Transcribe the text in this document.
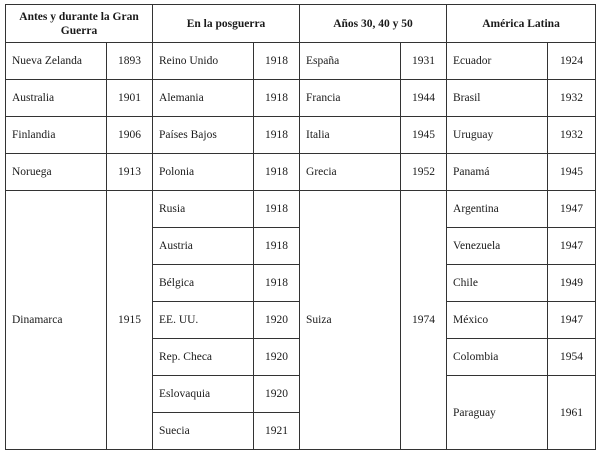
Antes y durante la Gran Guerra		En la posguerra		Años 30, 40 y 50		América Latina	
Nueva Zelanda	1893	Reino Unido	1918	España	1931	Ecuador	1924
Australia	1901	Alemania	1918	Francia	1944	Brasil	1932
Finlandia	1906	Países Bajos	1918	Italia	1945	Uruguay	1932
Noruega	1913	Polonia	1918	Grecia	1952	Panamá	1945
Dinamarca	1915	Rusia	1918	Suiza	1974	Argentina	1947
		Austria	1918			Venezuela	1947
		Bélgica	1918			Chile	1949
		EE. UU.	1920			México	1947
		Rep. Checa	1920			Colombia	1954
		Eslovaquia	1920			Paraguay	1961
		Suecia	1921				
